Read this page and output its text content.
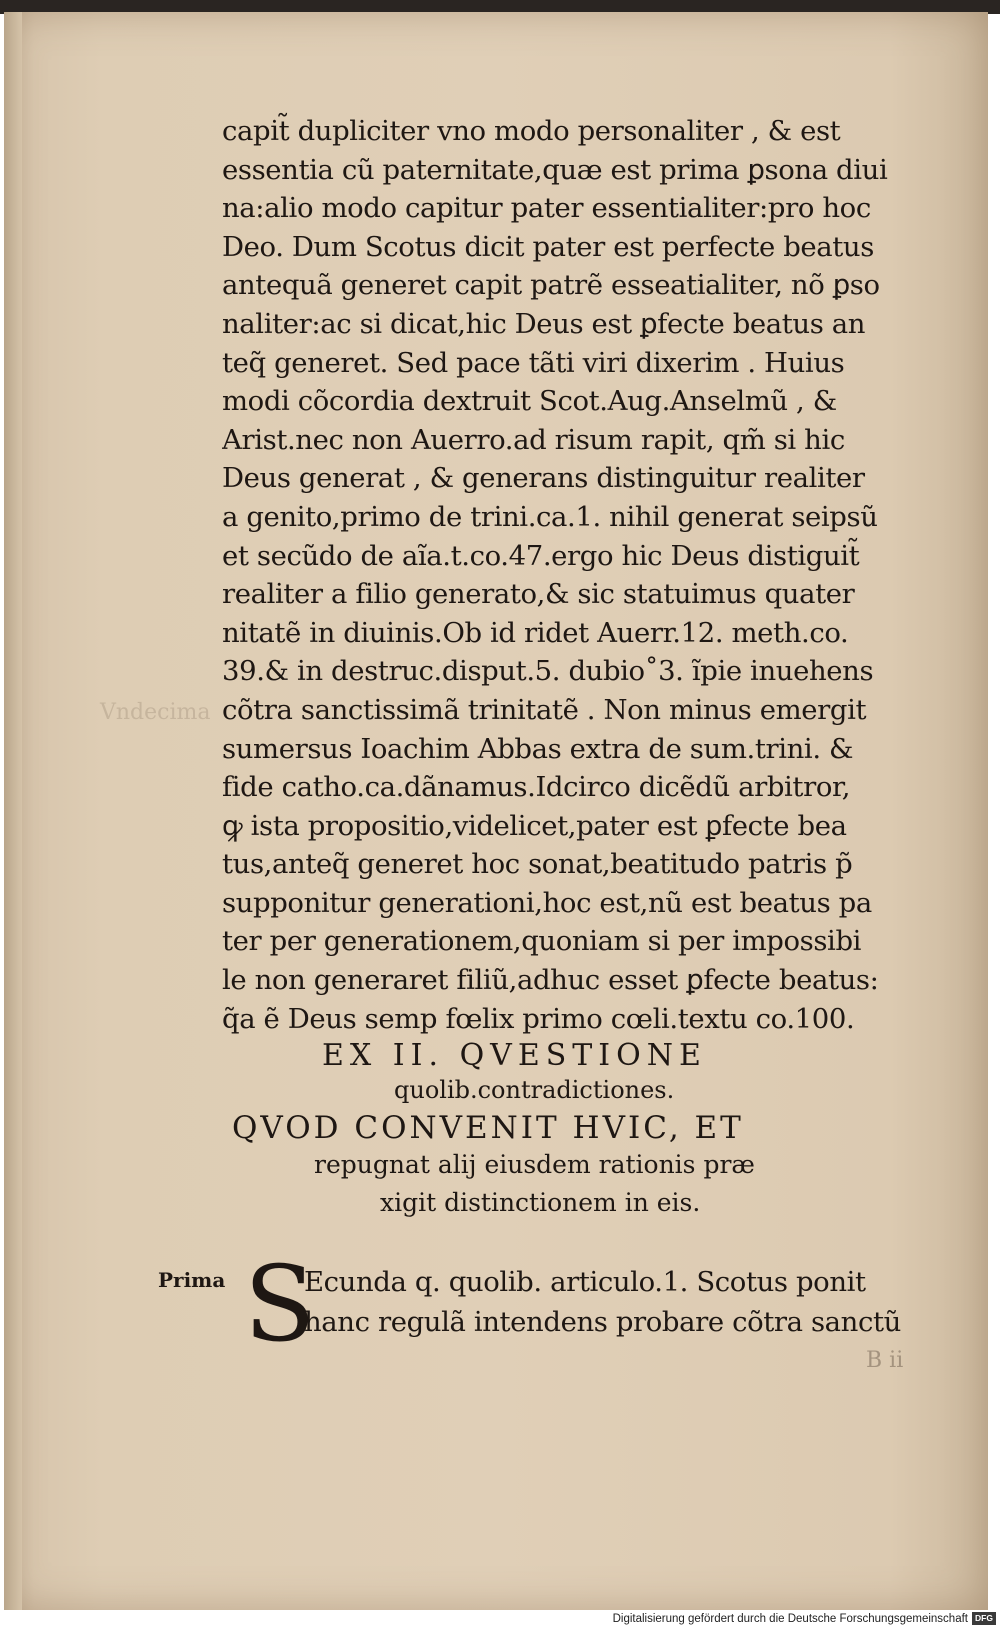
Vndecima
capit̃ dupliciter vno modo personaliter , & est
essentia cũ paternitate,quæ est prima ꝑsona diui
na:alio modo capitur pater essentialiter:pro hoc
Deo. Dum Scotus dicit pater est perfecte beatus
antequã generet capit patrẽ esseatialiter, nõ ꝑso
naliter:ac si dicat,hic Deus est ꝑfecte beatus an
teq̃ generet. Sed pace tãti viri dixerim . Huius
modi cõcordia dextruit Scot.Aug.Anselmũ , &
Arist.nec non Auerro.ad risum rapit, qm̃ si hic
Deus generat , & generans distinguitur realiter
a genito,primo de trini.ca.1. nihil generat seipsũ
et secũdo de aĩa.t.co.47.ergo hic Deus distiguit̃
realiter a filio generato,& sic statuimus quater
nitatẽ in diuinis.Ob id ridet Auerr.12. meth.co.
39.& in destruc.disput.5. dubio˚3. ĩpie inuehens
cõtra sanctissimã trinitatẽ . Non minus emergit
sumersus Ioachim Abbas extra de sum.trini. &
fide catho.ca.dãnamus.Idcirco dicẽdũ arbitror,
ꝙ ista propositio,videlicet,pater est ꝑfecte bea
tus,anteq̃ generet hoc sonat,beatitudo patris p̃
supponitur generationi,hoc est,nũ est beatus pa
ter per generationem,quoniam si per impossibi
le non generaret filiũ,adhuc esset ꝑfecte beatus:
q̃a ẽ Deus semp fœlix primo cœli.textu co.100.
EX II. QVESTIONE
quolib.contradictiones.
QVOD CONVENIT HVIC, ET
repugnat alij eiusdem rationis præ
xigit distinctionem in eis.
Prima S
Ecunda q. quolib. articulo.1. Scotus ponit
hanc regulã intendens probare cõtra sanctũ
B ii
Digitalisierung gefördert durch die Deutsche Forschungsgemeinschaft DFG
